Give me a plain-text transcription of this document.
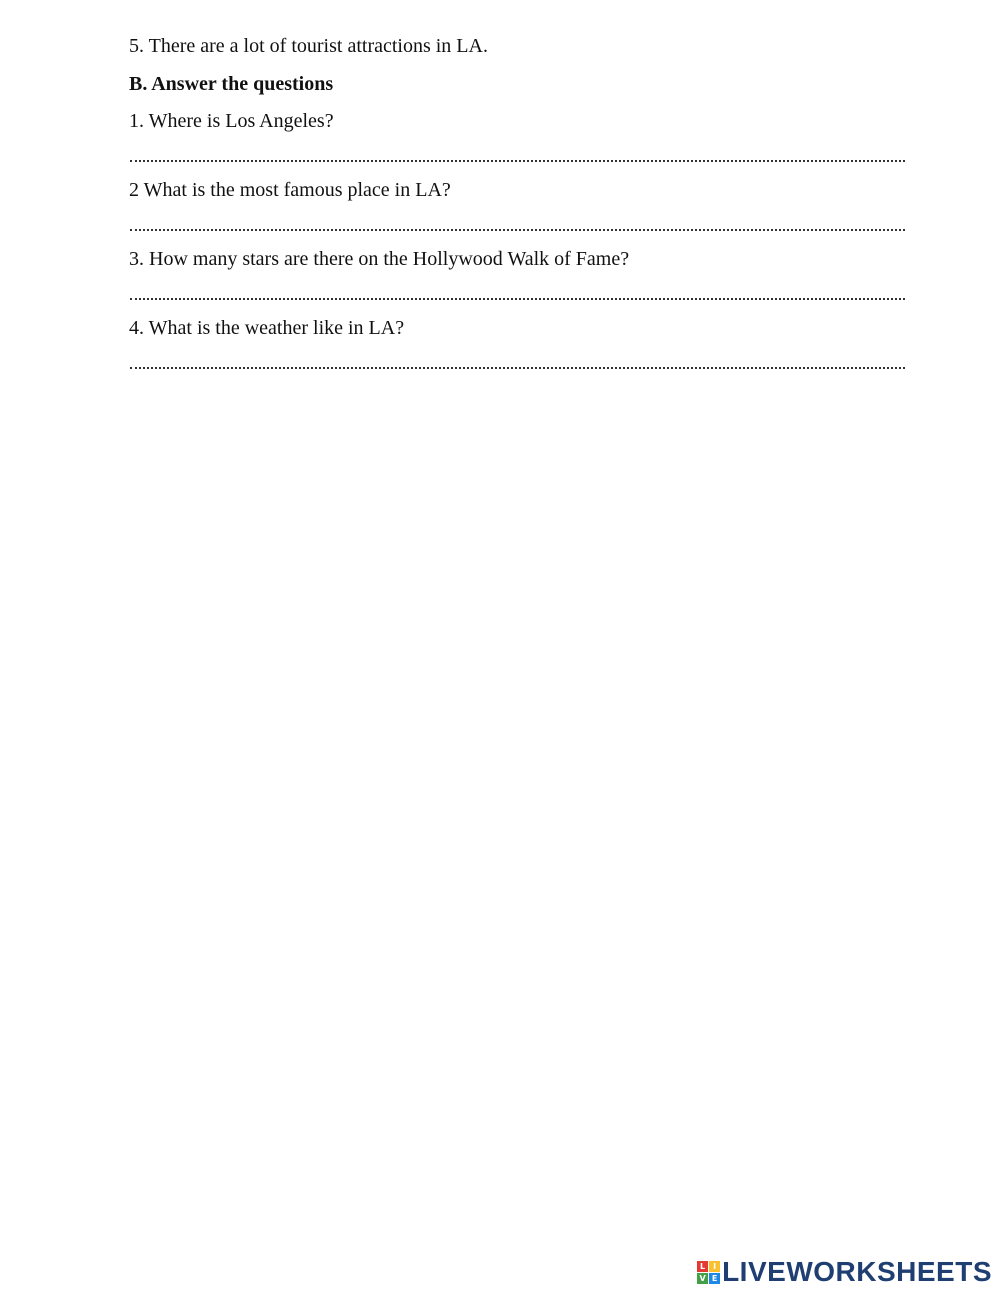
5. There are a lot of tourist attractions in LA.
B. Answer the questions
1. Where is Los Angeles?
2 What is the most famous place in LA?
3. How many stars are there on the Hollywood Walk of Fame?
4. What is the weather like in LA?
L I
V E LIVEWORKSHEETS
